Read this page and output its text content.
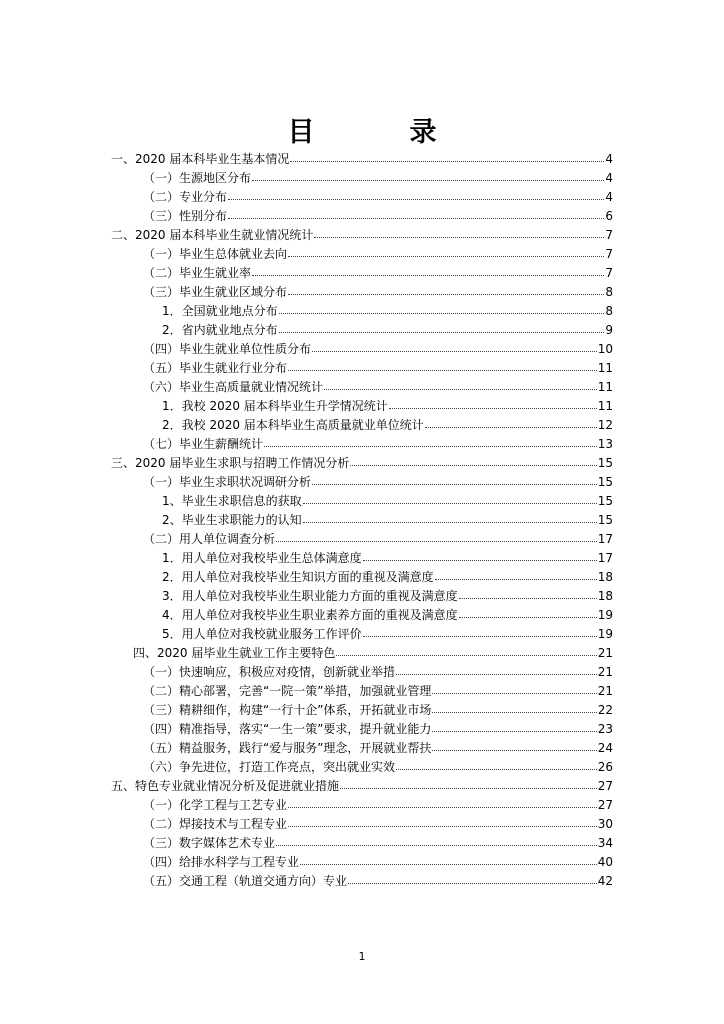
目　录
一、2020 届本科毕业生基本情况	4
（一）生源地区分布	4
（二）专业分布	4
（三）性别分布	6
二、2020 届本科毕业生就业情况统计	7
（一）毕业生总体就业去向	7
（二）毕业生就业率	7
（三）毕业生就业区域分布	8
1．全国就业地点分布	8
2．省内就业地点分布	9
（四）毕业生就业单位性质分布	10
（五）毕业生就业行业分布	11
（六）毕业生高质量就业情况统计	11
1．我校 2020 届本科毕业生升学情况统计	11
2．我校 2020 届本科毕业生高质量就业单位统计	12
（七）毕业生薪酬统计	13
三、2020 届毕业生求职与招聘工作情况分析	15
（一）毕业生求职状况调研分析	15
1、毕业生求职信息的获取	15
2、毕业生求职能力的认知	15
（二）用人单位调查分析	17
1．用人单位对我校毕业生总体满意度	17
2．用人单位对我校毕业生知识方面的重视及满意度	18
3．用人单位对我校毕业生职业能力方面的重视及满意度	18
4．用人单位对我校毕业生职业素养方面的重视及满意度	19
5．用人单位对我校就业服务工作评价	19
四、2020 届毕业生就业工作主要特色	21
（一）快速响应，积极应对疫情，创新就业举措	21
（二）精心部署，完善“一院一策”举措，加强就业管理	21
（三）精耕细作，构建“一行十企”体系，开拓就业市场	22
（四）精准指导，落实“一生一策”要求，提升就业能力	23
（五）精益服务，践行“爱与服务”理念，开展就业帮扶	24
（六）争先进位，打造工作亮点，突出就业实效	26
五、特色专业就业情况分析及促进就业措施	27
（一）化学工程与工艺专业	27
（二）焊接技术与工程专业	30
（三）数字媒体艺术专业	34
（四）给排水科学与工程专业	40
（五）交通工程（轨道交通方向）专业	42
1
